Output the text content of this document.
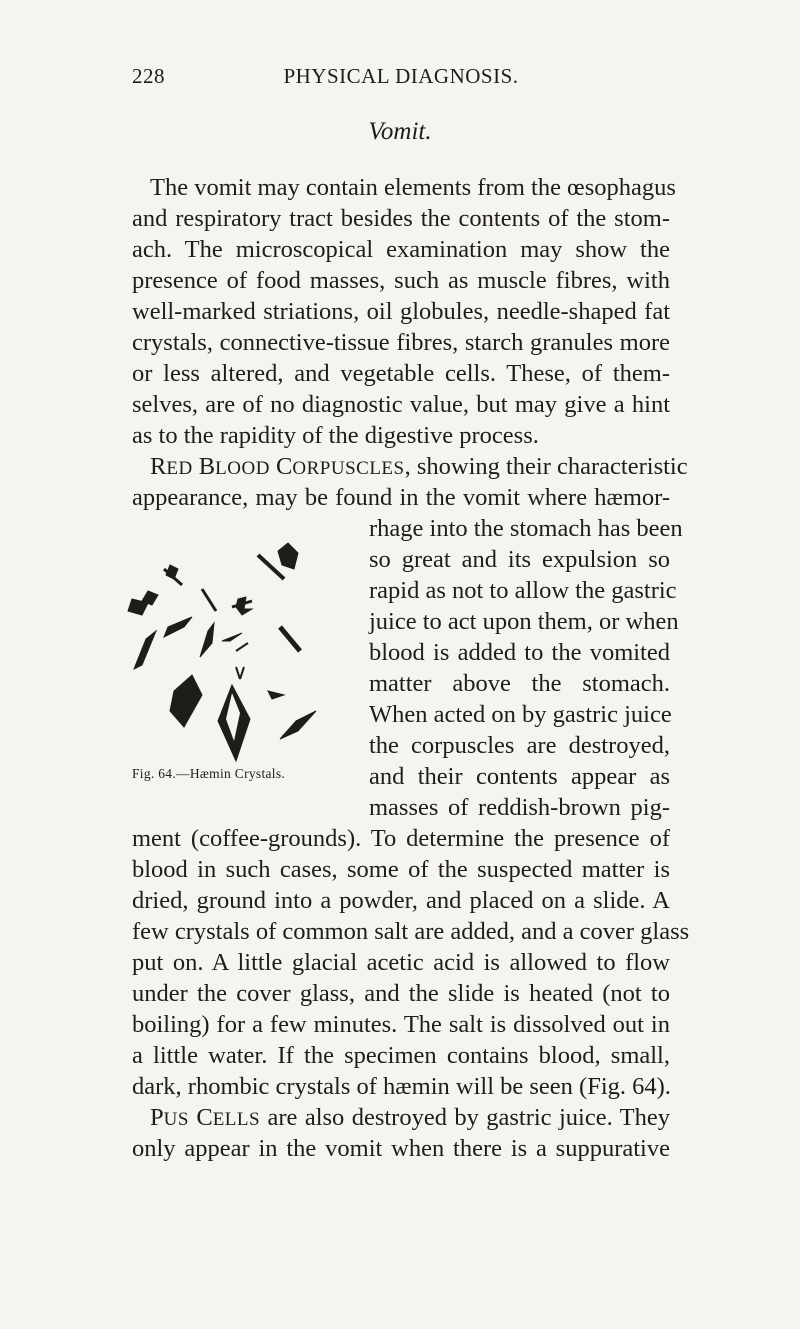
228	PHYSICAL DIAGNOSIS.
Vomit.
The vomit may contain elements from the œsophagus
and respiratory tract besides the contents of the stom-
ach. The microscopical examination may show the
presence of food masses, such as muscle fibres, with
well-marked striations, oil globules, needle-shaped fat
crystals, connective-tissue fibres, starch granules more
or less altered, and vegetable cells. These, of them-
selves, are of no diagnostic value, but may give a hint
as to the rapidity of the digestive process.
RED BLOOD CORPUSCLES, showing their characteristic
appearance, may be found in the vomit where hæmor-
rhage into the stomach has been
so great and its expulsion so
rapid as not to allow the gastric
juice to act upon them, or when
blood is added to the vomited
matter above the stomach.
When acted on by gastric juice
the corpuscles are destroyed,
and their contents appear as
masses of reddish-brown pig-
Fig. 64.—Hæmin Crystals.
ment (coffee-grounds). To determine the presence of
blood in such cases, some of the suspected matter is
dried, ground into a powder, and placed on a slide. A
few crystals of common salt are added, and a cover glass
put on. A little glacial acetic acid is allowed to flow
under the cover glass, and the slide is heated (not to
boiling) for a few minutes. The salt is dissolved out in
a little water. If the specimen contains blood, small,
dark, rhombic crystals of hæmin will be seen (Fig. 64).
PUS CELLS are also destroyed by gastric juice. They
only appear in the vomit when there is a suppurative
